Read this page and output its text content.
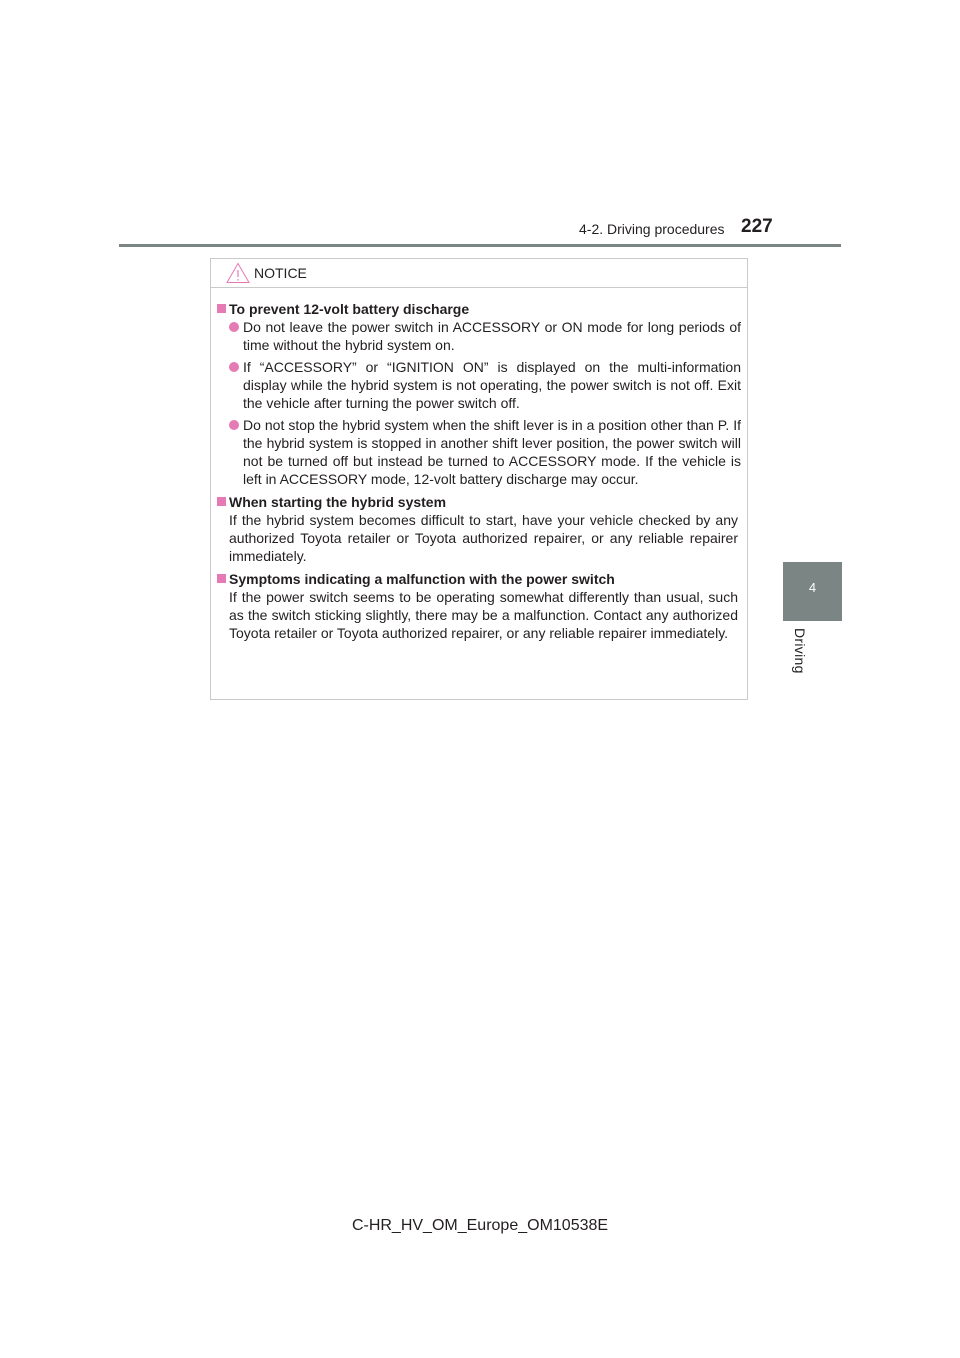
4-2. Driving procedures 227
4
Driving
NOTICE
To prevent 12-volt battery discharge
Do not leave the power switch in ACCESSORY or ON mode for long periods of time without the hybrid system on.
If “ACCESSORY” or “IGNITION ON” is displayed on the multi-information display while the hybrid system is not operating, the power switch is not off. Exit the vehicle after turning the power switch off.
Do not stop the hybrid system when the shift lever is in a position other than P. If the hybrid system is stopped in another shift lever position, the power switch will not be turned off but instead be turned to ACCESSORY mode. If the vehicle is left in ACCESSORY mode, 12-volt battery discharge may occur.
When starting the hybrid system
If the hybrid system becomes difficult to start, have your vehicle checked by any authorized Toyota retailer or Toyota authorized repairer, or any reliable repairer immediately.
Symptoms indicating a malfunction with the power switch
If the power switch seems to be operating somewhat differently than usual, such as the switch sticking slightly, there may be a malfunction. Contact any authorized Toyota retailer or Toyota authorized repairer, or any reliable repairer immediately.
C-HR_HV_OM_Europe_OM10538E
